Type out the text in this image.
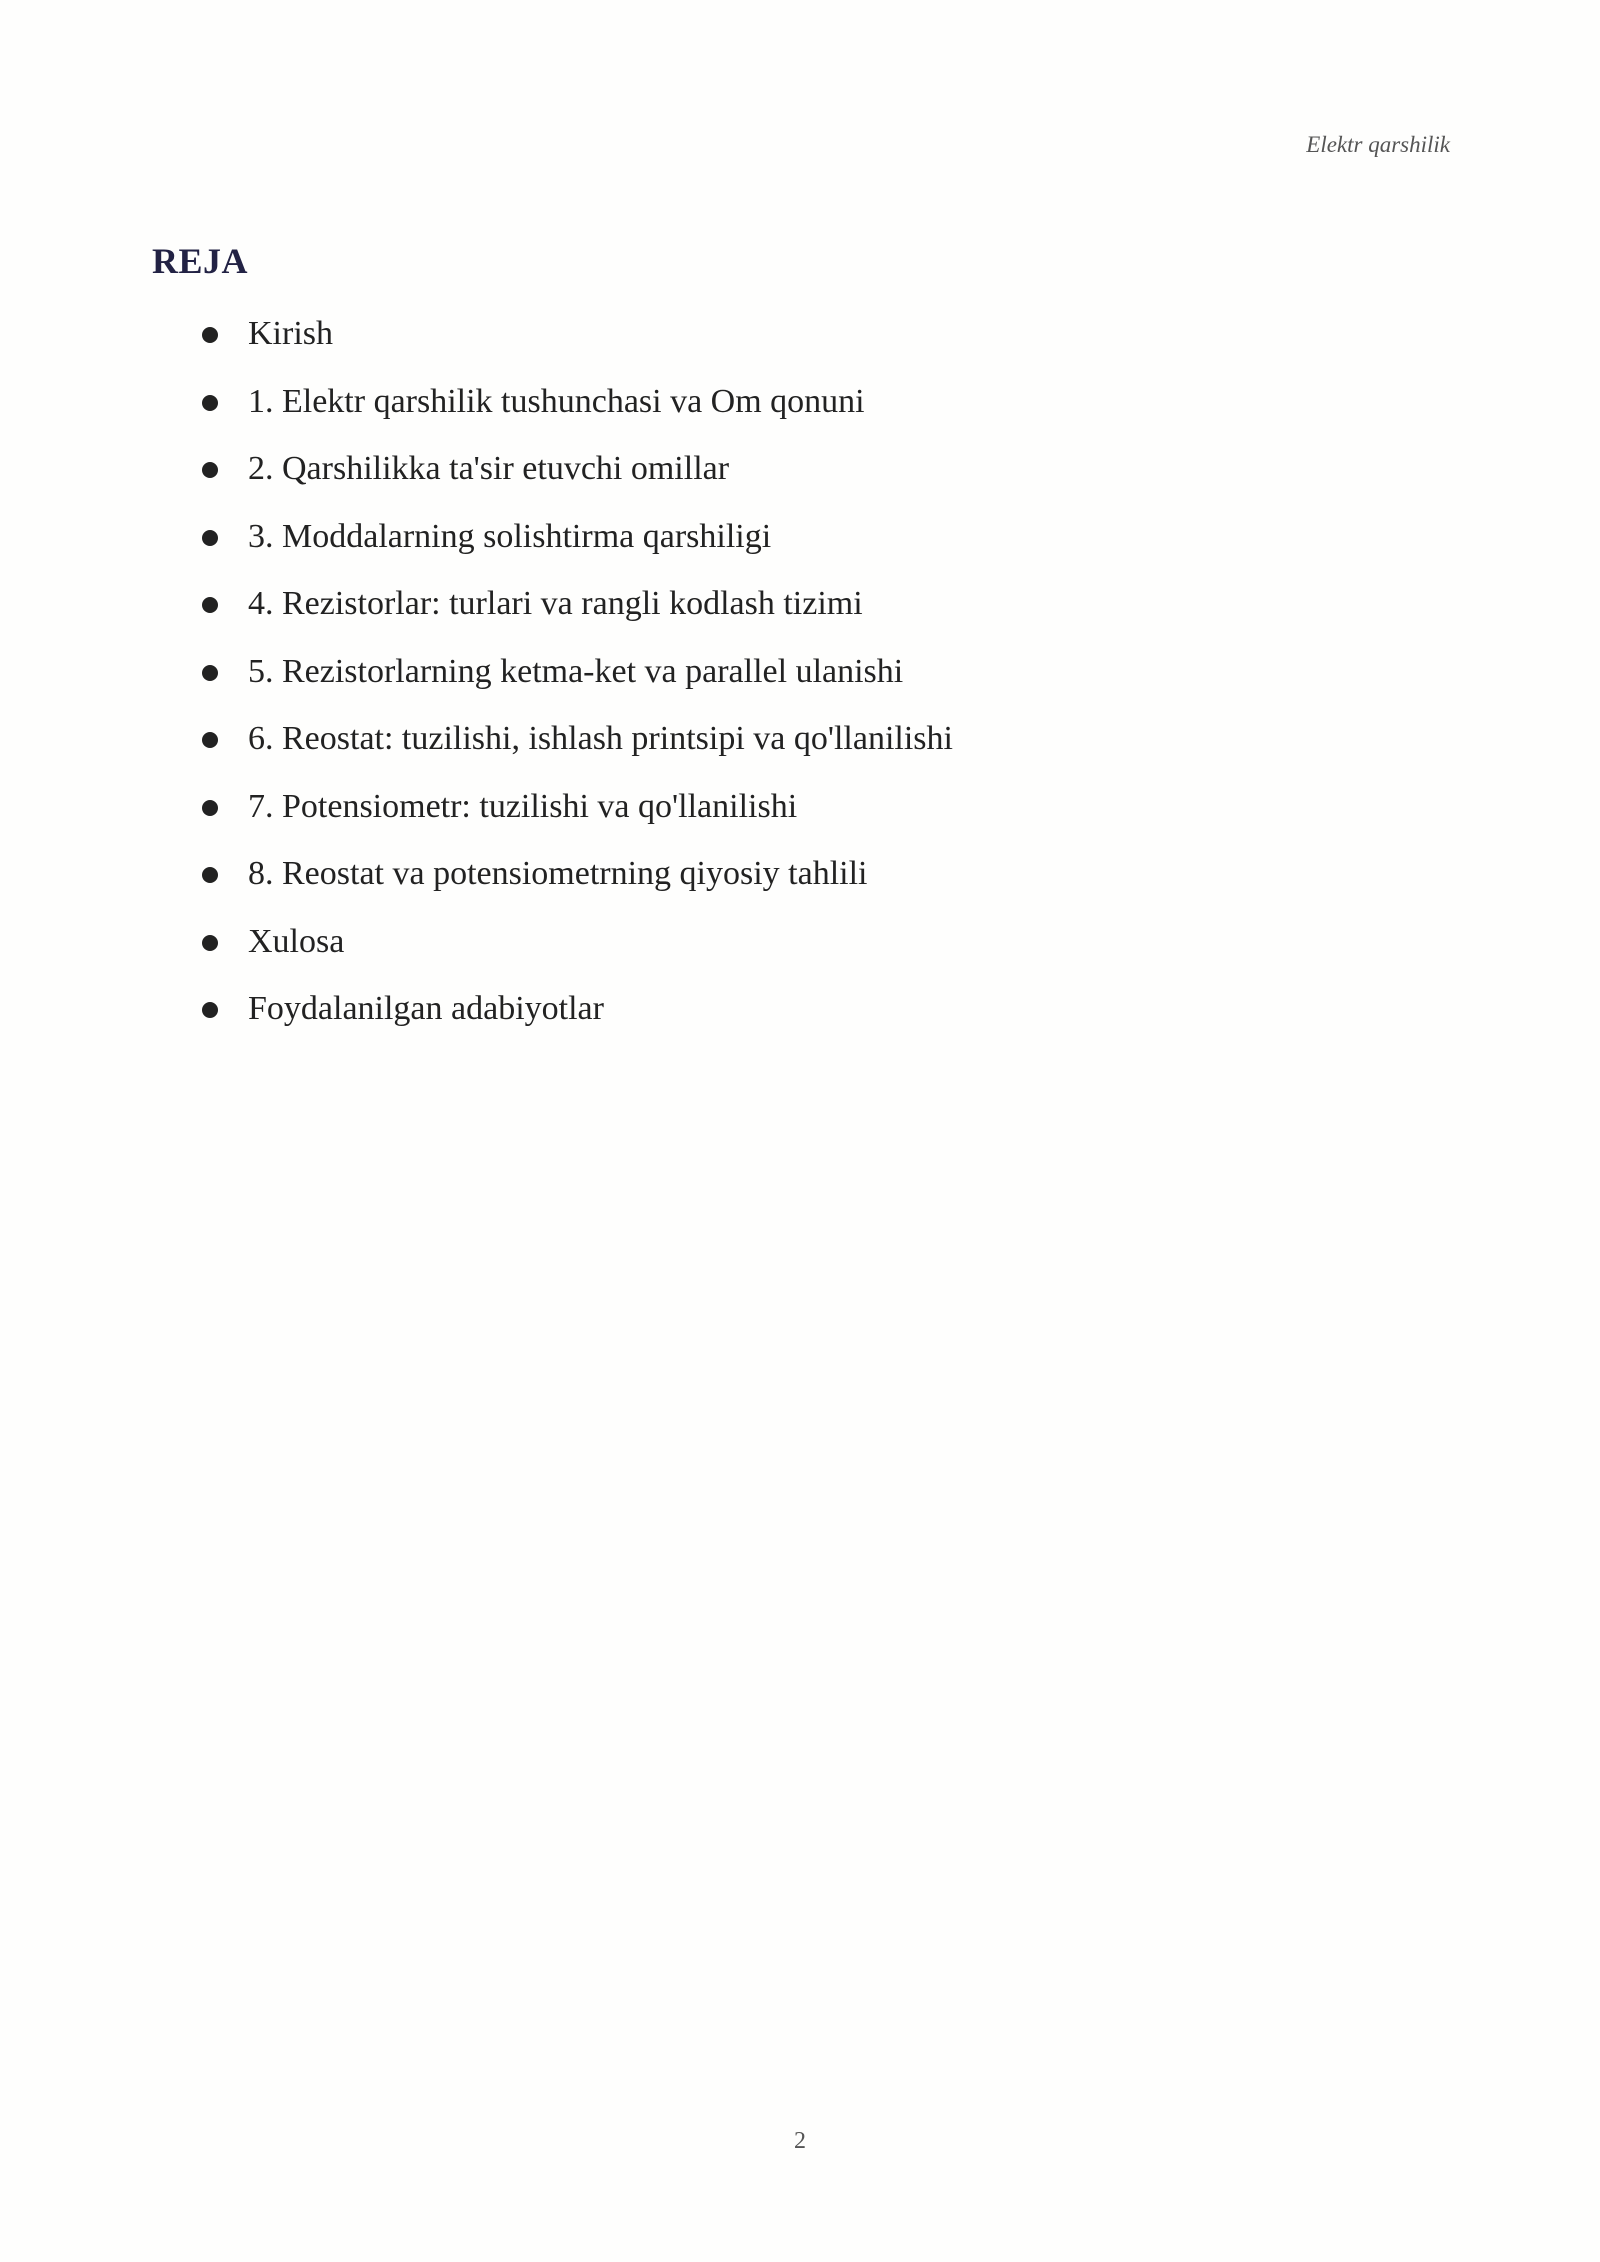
Elektr qarshilik

REJA
Kirish
1. Elektr qarshilik tushunchasi va Om qonuni
2. Qarshilikka ta'sir etuvchi omillar
3. Moddalarning solishtirma qarshiligi
4. Rezistorlar: turlari va rangli kodlash tizimi
5. Rezistorlarning ketma-ket va parallel ulanishi
6. Reostat: tuzilishi, ishlash printsipi va qo'llanilishi
7. Potensiometr: tuzilishi va qo'llanilishi
8. Reostat va potensiometrning qiyosiy tahlili
Xulosa
Foydalanilgan adabiyotlar

2
